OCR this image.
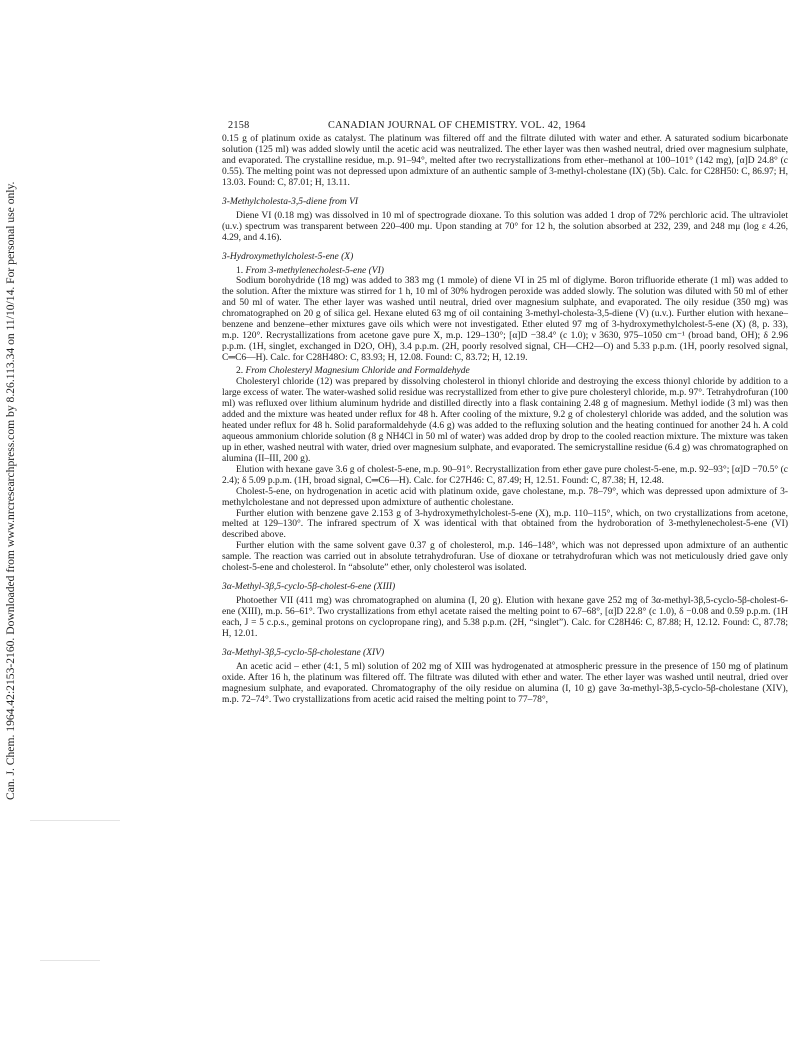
Can. J. Chem. 1964.42:2153-2160. Downloaded from www.nrcresearchpress.com by 8.26.113.34 on 11/10/14. For personal use only.
2158	CANADIAN JOURNAL OF CHEMISTRY. VOL. 42, 1964

0.15 g of platinum oxide as catalyst. The platinum was filtered off and the filtrate diluted with water and ether. A saturated sodium bicarbonate solution (125 ml) was added slowly until the acetic acid was neutralized. The ether layer was then washed neutral, dried over magnesium sulphate, and evaporated. The crystalline residue, m.p. 91–94°, melted after two recrystallizations from ether–methanol at 100–101° (142 mg), [α]D 24.8° (c 0.55). The melting point was not depressed upon admixture of an authentic sample of 3-methyl-cholestane (IX) (5b). Calc. for C28H50: C, 86.97; H, 13.03. Found: C, 87.01; H, 13.11.

3-Methylcholesta-3,5-diene from VI

Diene VI (0.18 mg) was dissolved in 10 ml of spectrograde dioxane. To this solution was added 1 drop of 72% perchloric acid. The ultraviolet (u.v.) spectrum was transparent between 220–400 mμ. Upon standing at 70° for 12 h, the solution absorbed at 232, 239, and 248 mμ (log ε 4.26, 4.29, and 4.16).

3-Hydroxymethylcholest-5-ene (X)
1. From 3-methylenecholest-5-ene (VI)

Sodium borohydride (18 mg) was added to 383 mg (1 mmole) of diene VI in 25 ml of diglyme. Boron trifluoride etherate (1 ml) was added to the solution. After the mixture was stirred for 1 h, 10 ml of 30% hydrogen peroxide was added slowly. The solution was diluted with 50 ml of ether and 50 ml of water. The ether layer was washed until neutral, dried over magnesium sulphate, and evaporated. The oily residue (350 mg) was chromatographed on 20 g of silica gel. Hexane eluted 63 mg of oil containing 3-methyl-cholesta-3,5-diene (V) (u.v.). Further elution with hexane–benzene and benzene–ether mixtures gave oils which were not investigated. Ether eluted 97 mg of 3-hydroxymethylcholest-5-ene (X) (8, p. 33), m.p. 120°. Recrystallizations from acetone gave pure X, m.p. 129–130°; [α]D −38.4° (c 1.0); ν 3630, 975–1050 cm⁻¹ (broad band, OH); δ 2.96 p.p.m. (1H, singlet, exchanged in D2O, OH), 3.4 p.p.m. (2H, poorly resolved signal, CH—CH2—O) and 5.33 p.p.m. (1H, poorly resolved signal, C═C6—H). Calc. for C28H48O: C, 83.93; H, 12.08. Found: C, 83.72; H, 12.19.

2. From Cholesteryl Magnesium Chloride and Formaldehyde

Cholesteryl chloride (12) was prepared by dissolving cholesterol in thionyl chloride and destroying the excess thionyl chloride by addition to a large excess of water. The water-washed solid residue was recrystallized from ether to give pure cholesteryl chloride, m.p. 97°. Tetrahydrofuran (100 ml) was refluxed over lithium aluminum hydride and distilled directly into a flask containing 2.48 g of magnesium. Methyl iodide (3 ml) was then added and the mixture was heated under reflux for 48 h. After cooling of the mixture, 9.2 g of cholesteryl chloride was added, and the solution was heated under reflux for 48 h. Solid paraformaldehyde (4.6 g) was added to the refluxing solution and the heating continued for another 24 h. A cold aqueous ammonium chloride solution (8 g NH4Cl in 50 ml of water) was added drop by drop to the cooled reaction mixture. The mixture was taken up in ether, washed neutral with water, dried over magnesium sulphate, and evaporated. The semicrystalline residue (6.4 g) was chromatographed on alumina (II–III, 200 g).

Elution with hexane gave 3.6 g of cholest-5-ene, m.p. 90–91°. Recrystallization from ether gave pure cholest-5-ene, m.p. 92–93°; [α]D −70.5° (c 2.4); δ 5.09 p.p.m. (1H, broad signal, C═C6—H). Calc. for C27H46: C, 87.49; H, 12.51. Found: C, 87.38; H, 12.48.

Cholest-5-ene, on hydrogenation in acetic acid with platinum oxide, gave cholestane, m.p. 78–79°, which was depressed upon admixture of 3-methylcholestane and not depressed upon admixture of authentic cholestane.

Further elution with benzene gave 2.153 g of 3-hydroxymethylcholest-5-ene (X), m.p. 110–115°, which, on two crystallizations from acetone, melted at 129–130°. The infrared spectrum of X was identical with that obtained from the hydroboration of 3-methylenecholest-5-ene (VI) described above.

Further elution with the same solvent gave 0.37 g of cholesterol, m.p. 146–148°, which was not depressed upon admixture of an authentic sample. The reaction was carried out in absolute tetrahydrofuran. Use of dioxane or tetrahydrofuran which was not meticulously dried gave only cholest-5-ene and cholesterol. In “absolute” ether, only cholesterol was isolated.

3α-Methyl-3β,5-cyclo-5β-cholest-6-ene (XIII)

Photoether VII (411 mg) was chromatographed on alumina (I, 20 g). Elution with hexane gave 252 mg of 3α-methyl-3β,5-cyclo-5β-cholest-6-ene (XIII), m.p. 56–61°. Two crystallizations from ethyl acetate raised the melting point to 67–68°, [α]D 22.8° (c 1.0), δ −0.08 and 0.59 p.p.m. (1H each, J = 5 c.p.s., geminal protons on cyclopropane ring), and 5.38 p.p.m. (2H, “singlet”). Calc. for C28H46: C, 87.88; H, 12.12. Found: C, 87.78; H, 12.01.

3α-Methyl-3β,5-cyclo-5β-cholestane (XIV)

An acetic acid – ether (4:1, 5 ml) solution of 202 mg of XIII was hydrogenated at atmospheric pressure in the presence of 150 mg of platinum oxide. After 16 h, the platinum was filtered off. The filtrate was diluted with ether and water. The ether layer was washed until neutral, dried over magnesium sulphate, and evaporated. Chromatography of the oily residue on alumina (I, 10 g) gave 3α-methyl-3β,5-cyclo-5β-cholestane (XIV), m.p. 72–74°. Two crystallizations from acetic acid raised the melting point to 77–78°,
